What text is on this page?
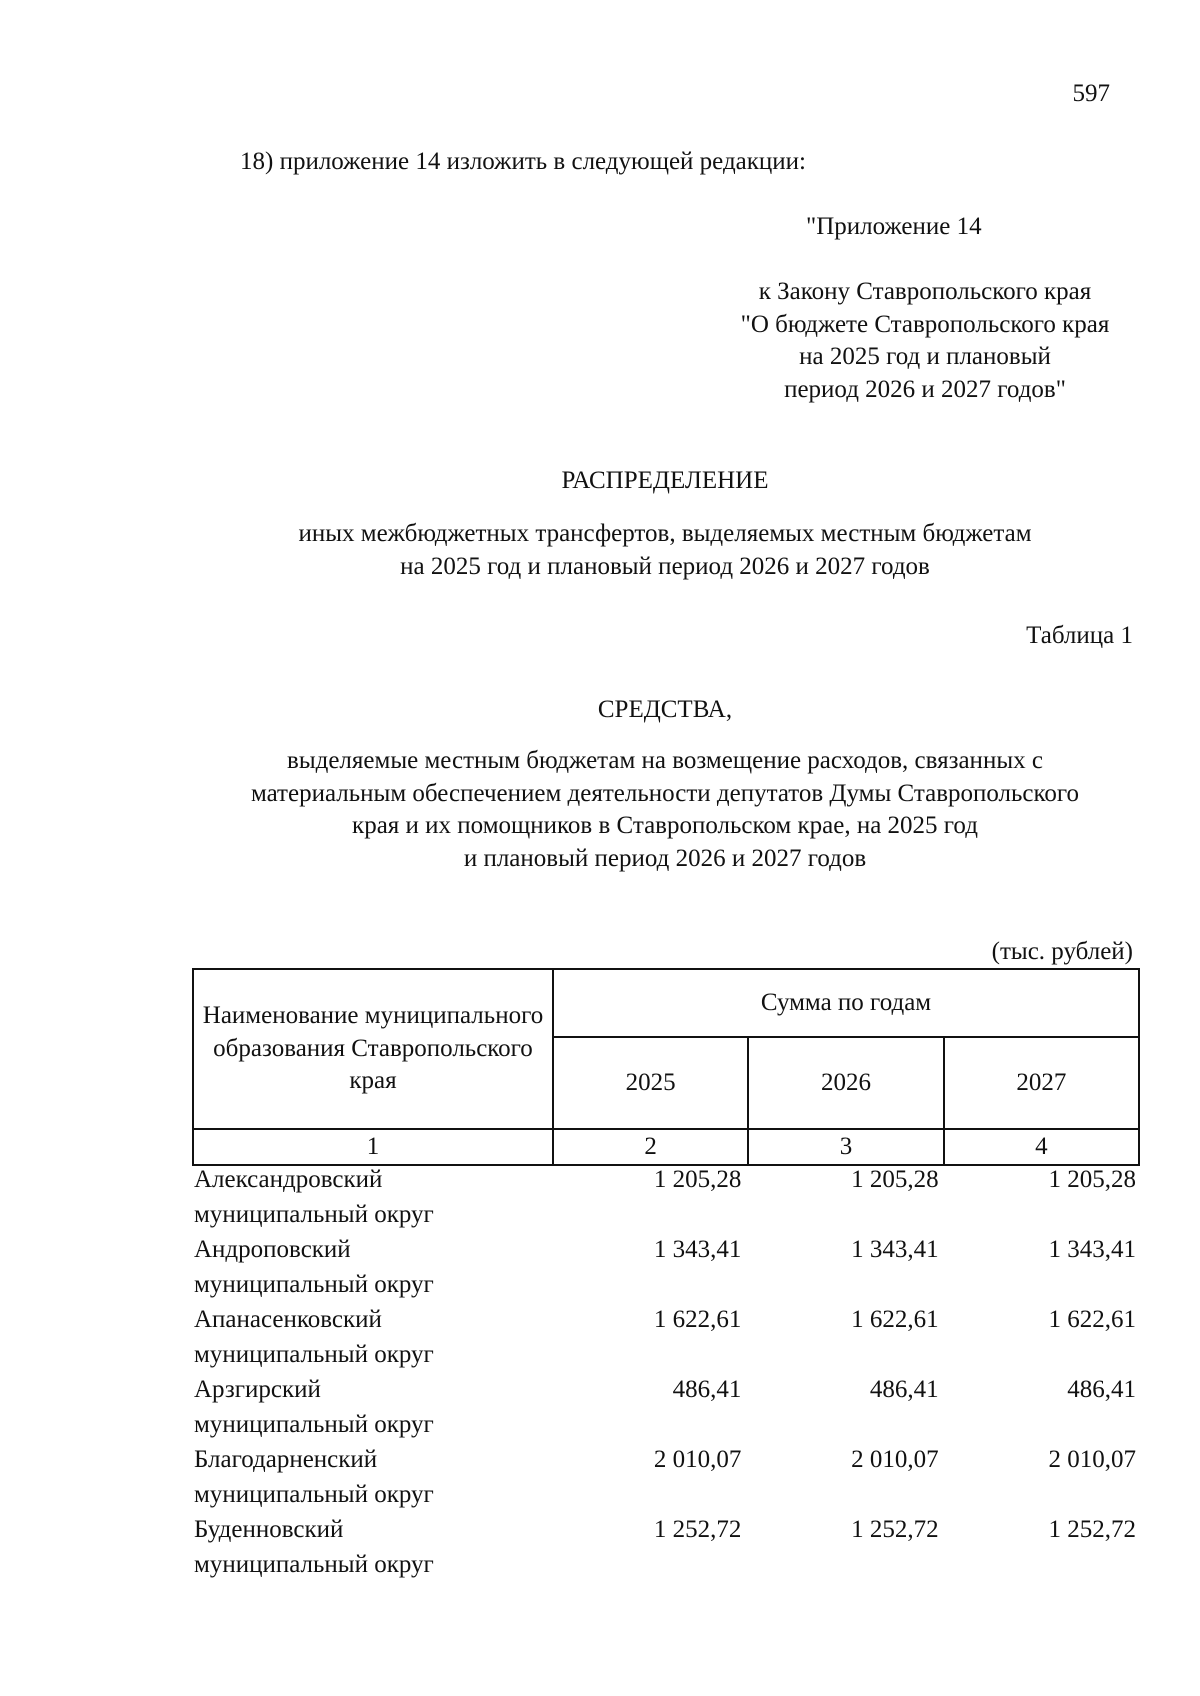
597
18) приложение 14 изложить в следующей редакции:
"Приложение 14
к Закону Ставропольского края
"О бюджете Ставропольского края
на 2025 год и плановый
период 2026 и 2027 годов"
РАСПРЕДЕЛЕНИЕ
иных межбюджетных трансфертов, выделяемых местным бюджетам
на 2025 год и плановый период 2026 и 2027 годов
Таблица 1
СРЕДСТВА,
выделяемые местным бюджетам на возмещение расходов, связанных с
материальным обеспечением деятельности депутатов Думы Ставропольского
края и их помощников в Ставропольском крае, на 2025 год
и плановый период 2026 и 2027 годов
(тыс. рублей)
Наименование муниципального образования Ставропольского края	Сумма по годам		
	2025	2026	2027
1	2	3	4
Александровский
муниципальный округ	1 205,28	1 205,28	1 205,28

Андроповский
муниципальный округ	1 343,41	1 343,41	1 343,41

Апанасенковский
муниципальный округ	1 622,61	1 622,61	1 622,61

Арзгирский
муниципальный округ	486,41	486,41	486,41

Благодарненский
муниципальный округ	2 010,07	2 010,07	2 010,07

Буденновский
муниципальный округ	1 252,72	1 252,72	1 252,72
